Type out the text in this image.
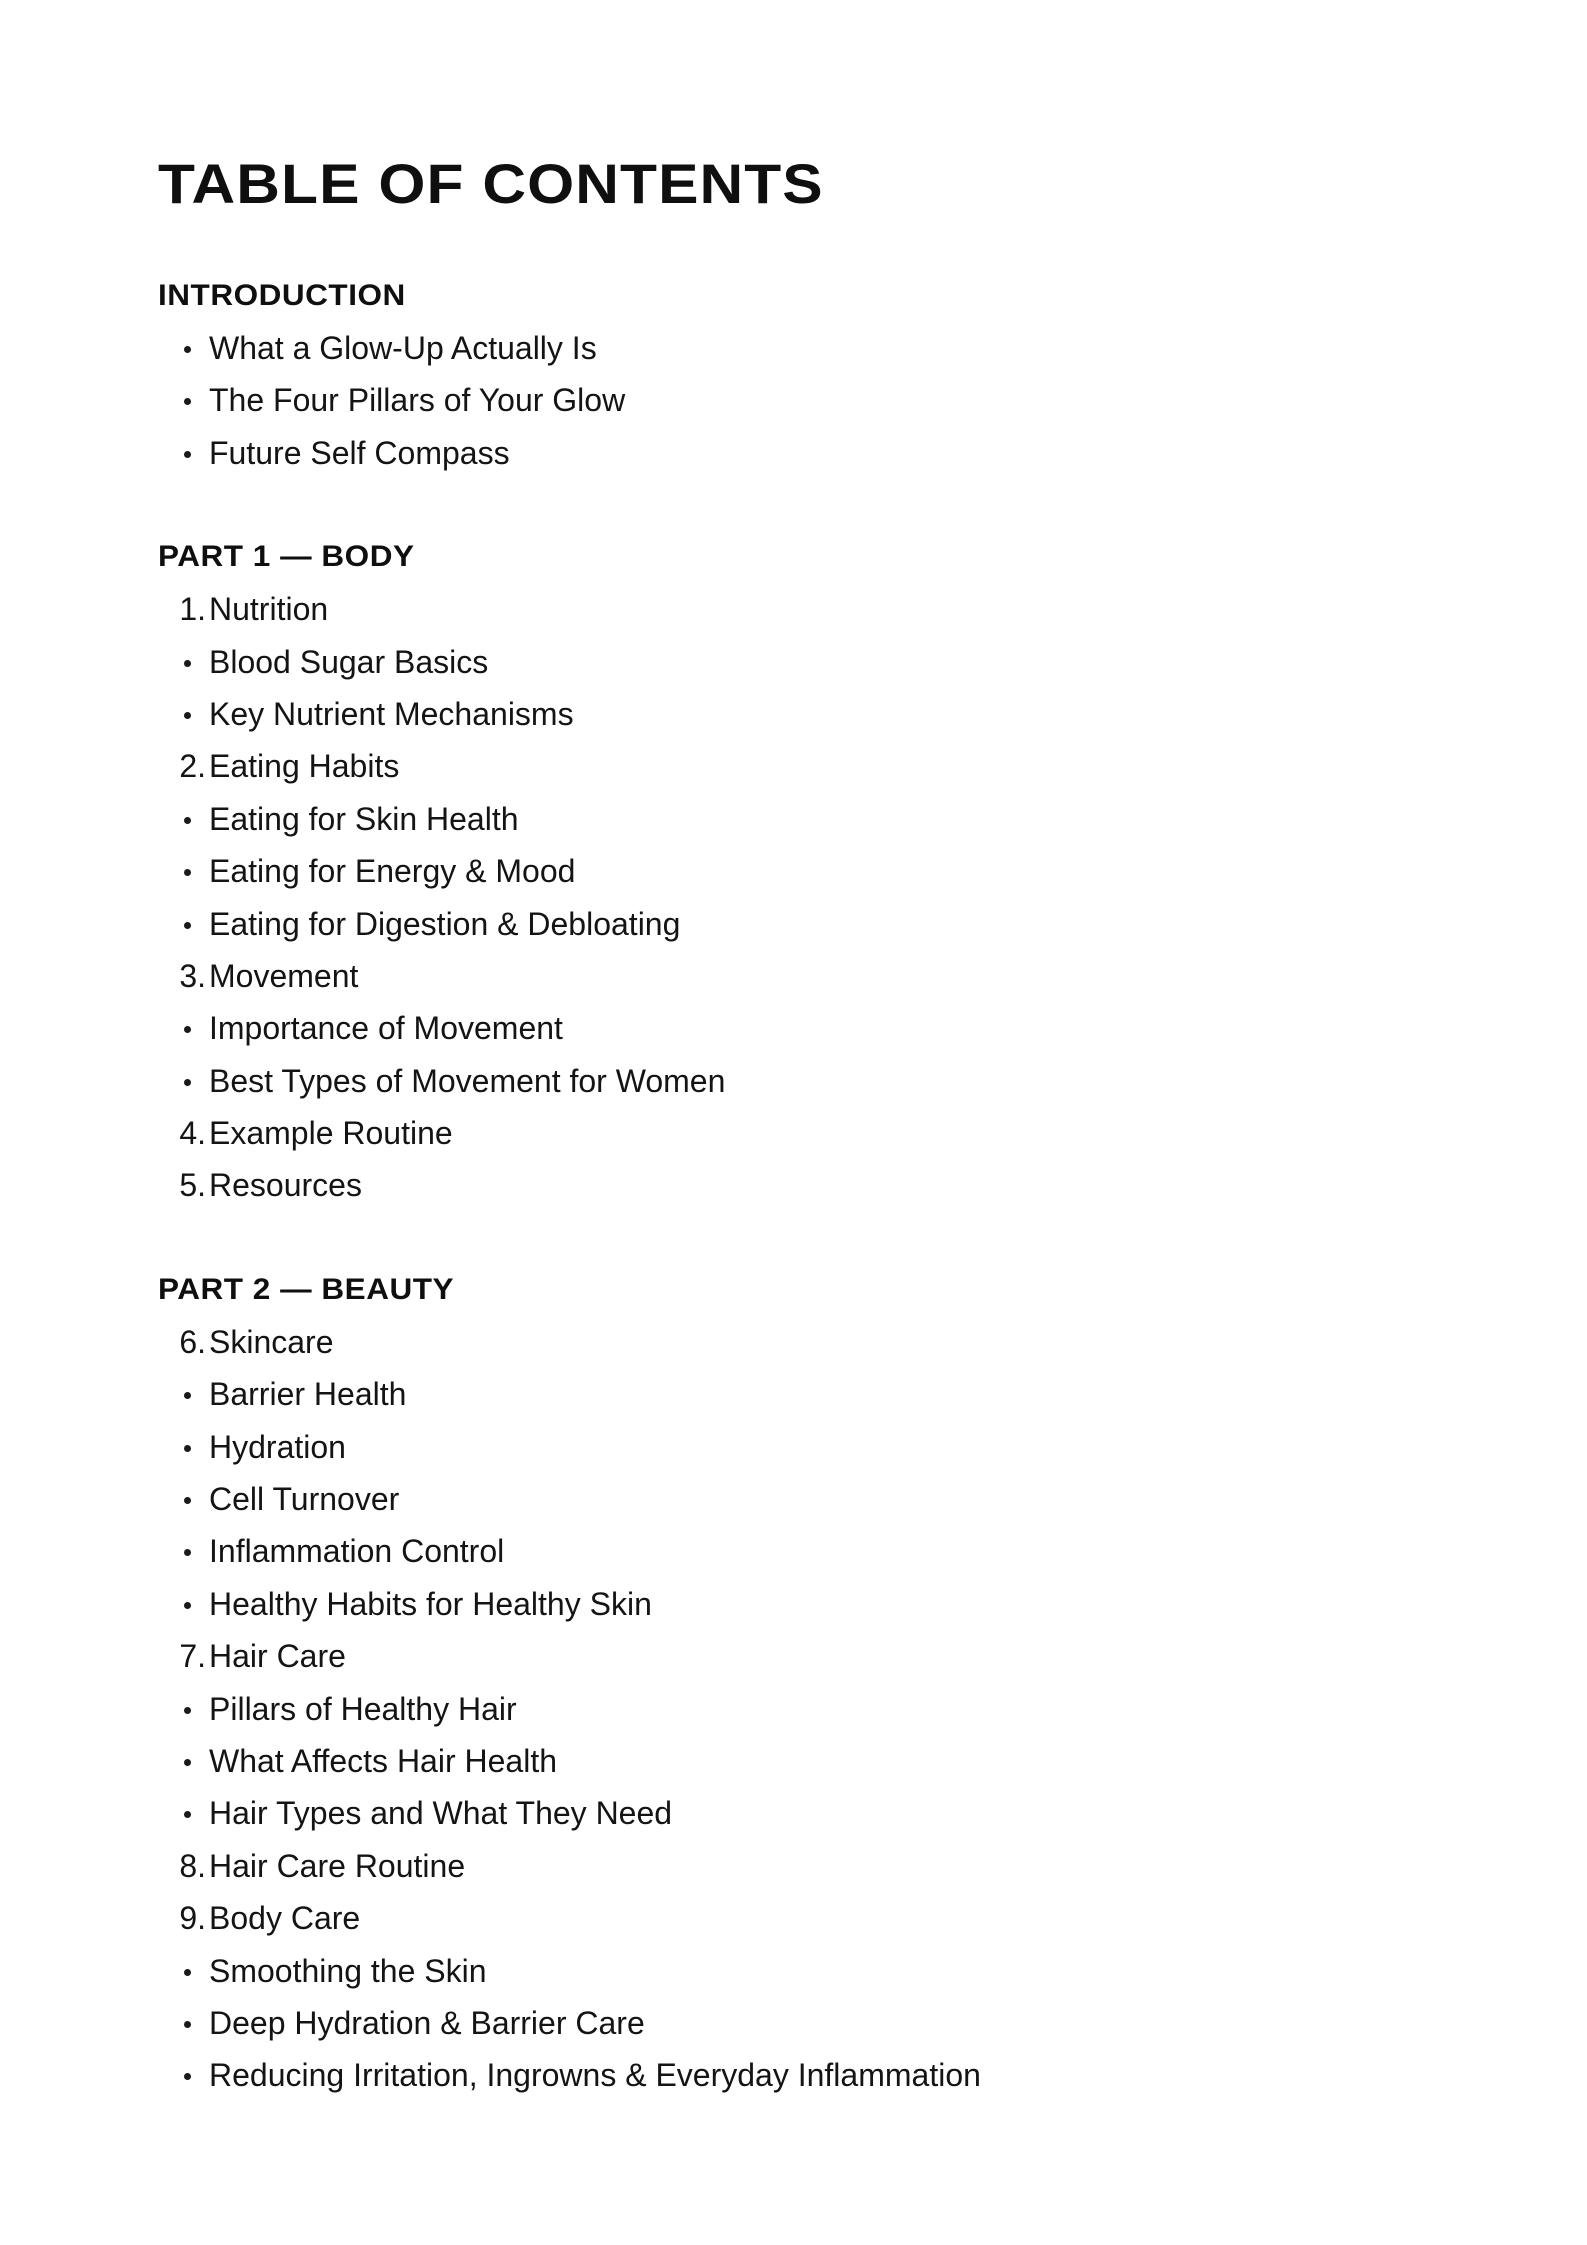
TABLE OF CONTENTS
INTRODUCTION
What a Glow-Up Actually Is
The Four Pillars of Your Glow
Future Self Compass
PART 1 — BODY
1. Nutrition
Blood Sugar Basics
Key Nutrient Mechanisms
2. Eating Habits
Eating for Skin Health
Eating for Energy & Mood
Eating for Digestion & Debloating
3. Movement
Importance of Movement
Best Types of Movement for Women
4. Example Routine
5. Resources
PART 2 — BEAUTY
6. Skincare
Barrier Health
Hydration
Cell Turnover
Inflammation Control
Healthy Habits for Healthy Skin
7. Hair Care
Pillars of Healthy Hair
What Affects Hair Health
Hair Types and What They Need
8. Hair Care Routine
9. Body Care
Smoothing the Skin
Deep Hydration & Barrier Care
Reducing Irritation, Ingrowns & Everyday Inflammation
